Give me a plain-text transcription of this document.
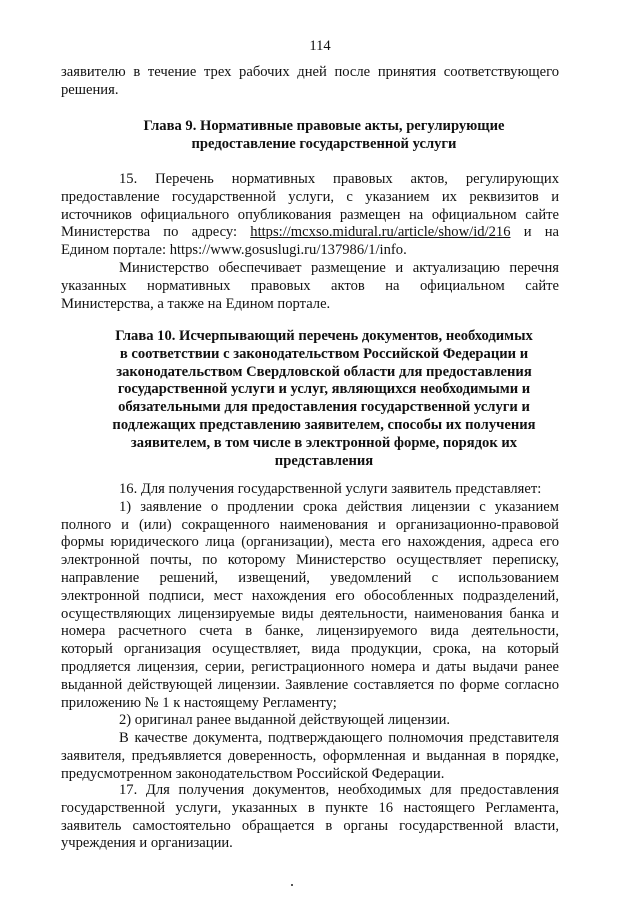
114
заявителю в течение трех рабочих дней после принятия соответствующего
решения.
Глава 9. Нормативные правовые акты, регулирующие
предоставление государственной услуги
15. Перечень нормативных правовых актов, регулирующих
предоставление государственной услуги, с указанием их реквизитов и
источников официального опубликования размещен на официальном сайте
Министерства по адресу: https://mcxso.midural.ru/article/show/id/216 и на
Едином портале: https://www.gosuslugi.ru/137986/1/info.
Министерство обеспечивает размещение и актуализацию перечня
указанных нормативных правовых актов на официальном сайте
Министерства, а также на Едином портале.
Глава 10. Исчерпывающий перечень документов, необходимых
в соответствии с законодательством Российской Федерации и
законодательством Свердловской области для предоставления
государственной услуги и услуг, являющихся необходимыми и
обязательными для предоставления государственной услуги и
подлежащих представлению заявителем, способы их получения
заявителем, в том числе в электронной форме, порядок их
представления
16. Для получения государственной услуги заявитель представляет:
1) заявление о продлении срока действия лицензии с указанием
полного и (или) сокращенного наименования и организационно-правовой
формы юридического лица (организации), места его нахождения, адреса его
электронной почты, по которому Министерство осуществляет переписку,
направление решений, извещений, уведомлений с использованием
электронной подписи, мест нахождения его обособленных подразделений,
осуществляющих лицензируемые виды деятельности, наименования банка и
номера расчетного счета в банке, лицензируемого вида деятельности,
который организация осуществляет, вида продукции, срока, на который
продляется лицензия, серии, регистрационного номера и даты выдачи ранее
выданной действующей лицензии. Заявление составляется по форме согласно
приложению № 1 к настоящему Регламенту;
2) оригинал ранее выданной действующей лицензии.
В качестве документа, подтверждающего полномочия представителя
заявителя, предъявляется доверенность, оформленная и выданная в порядке,
предусмотренном законодательством Российской Федерации.
17. Для получения документов, необходимых для предоставления
государственной услуги, указанных в пункте 16 настоящего Регламента,
заявитель самостоятельно обращается в органы государственной власти,
учреждения и организации.
